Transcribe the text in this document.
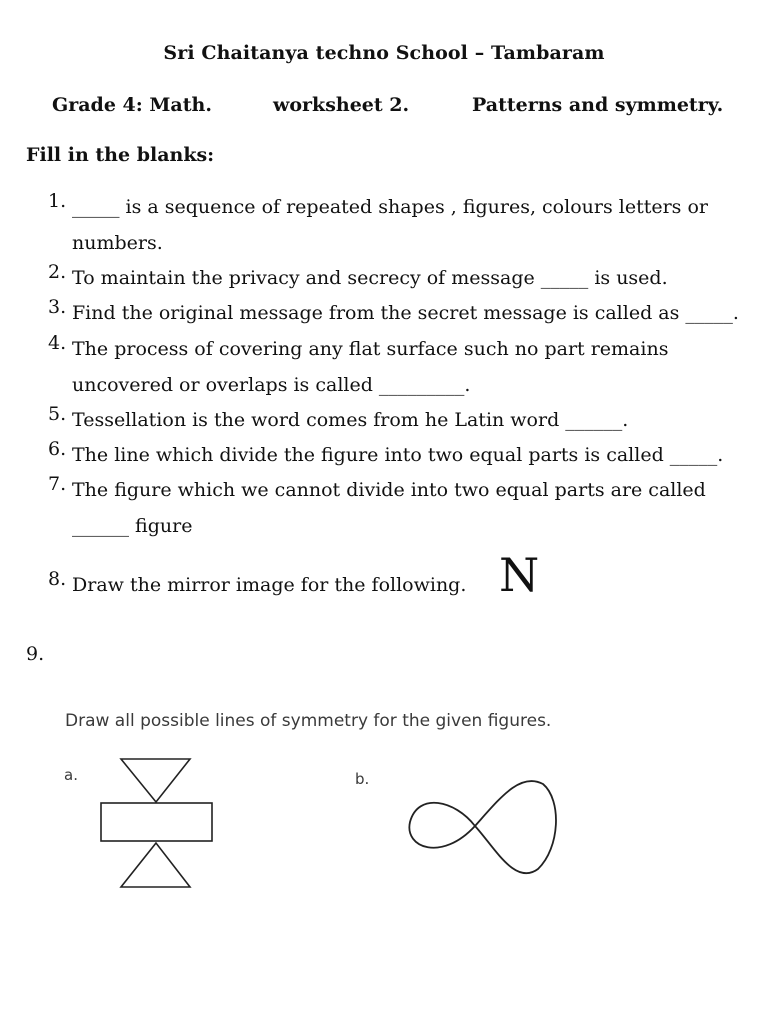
Sri Chaitanya techno School – Tambaram
Grade 4: Math.	worksheet 2.	Patterns and symmetry.
Fill in the blanks:
1. _____ is a sequence of repeated shapes , figures, colours letters or
numbers.
2. To maintain the privacy and secrecy of message _____ is used.
3. Find the original message from the secret message is called as _____.
4. The process of covering any flat surface such no part remains
uncovered or overlaps is called _________.
5. Tessellation is the word comes from he Latin word ______.
6. The line which divide the figure into two equal parts is called _____.
7. The figure which we cannot divide into two equal parts are called
______ figure
8. Draw the mirror image for the following. N
9.
Draw all possible lines of symmetry for the given figures.
a.	b.
